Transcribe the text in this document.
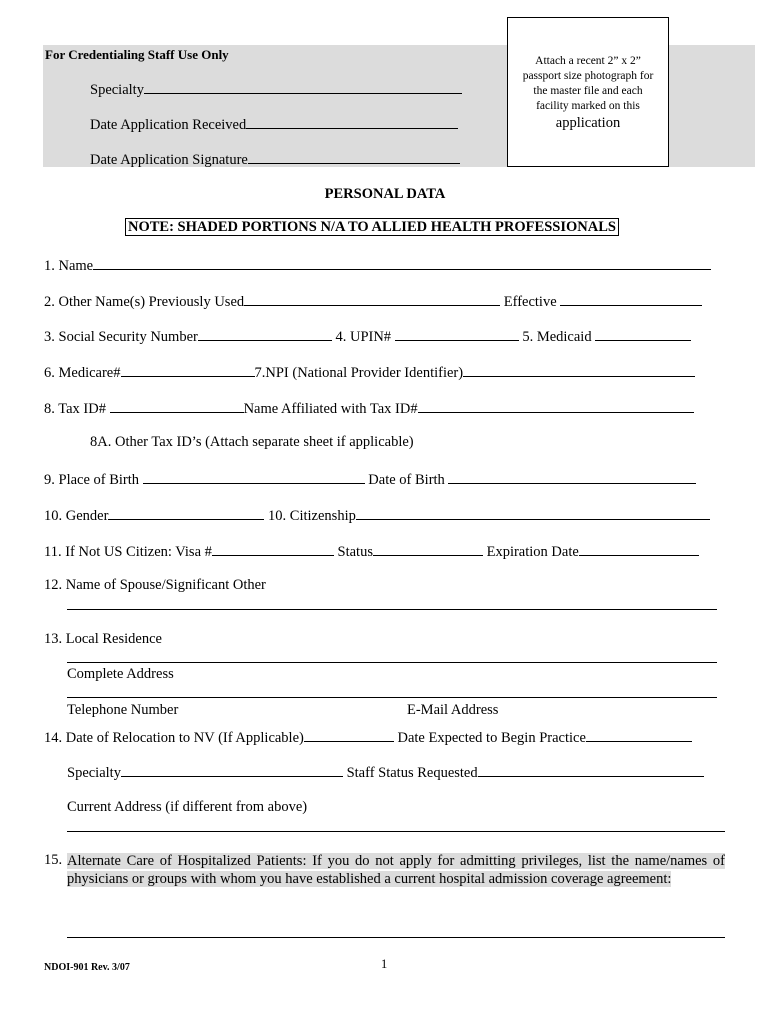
For Credentialing Staff Use Only
Specialty
Date Application Received
Date Application Signature
Attach a recent 2” x 2”
passport size photograph for
the master file and each
facility marked on this
application
PERSONAL DATA
NOTE: SHADED PORTIONS N/A TO ALLIED HEALTH PROFESSIONALS
1. Name
2. Other Name(s) Previously Used	Effective
3. Social Security Number	4. UPIN#	5. Medicaid
6. Medicare#	7.NPI (National Provider Identifier)
8. Tax ID#	Name Affiliated with Tax ID#
8A. Other Tax ID’s (Attach separate sheet if applicable)
9. Place of Birth	Date of Birth
10. Gender	10. Citizenship
11. If Not US Citizen: Visa #	Status	Expiration Date
12. Name of Spouse/Significant Other
13. Local Residence
Complete Address
Telephone Number	E-Mail Address
14. Date of Relocation to NV (If Applicable)	Date Expected to Begin Practice
Specialty	Staff Status Requested
Current Address (if different from above)
15. Alternate Care of Hospitalized Patients: If you do not apply for admitting privileges, list the name/names of physicians or groups with whom you have established a current hospital admission coverage agreement:
NDOI-901 Rev. 3/07	1
